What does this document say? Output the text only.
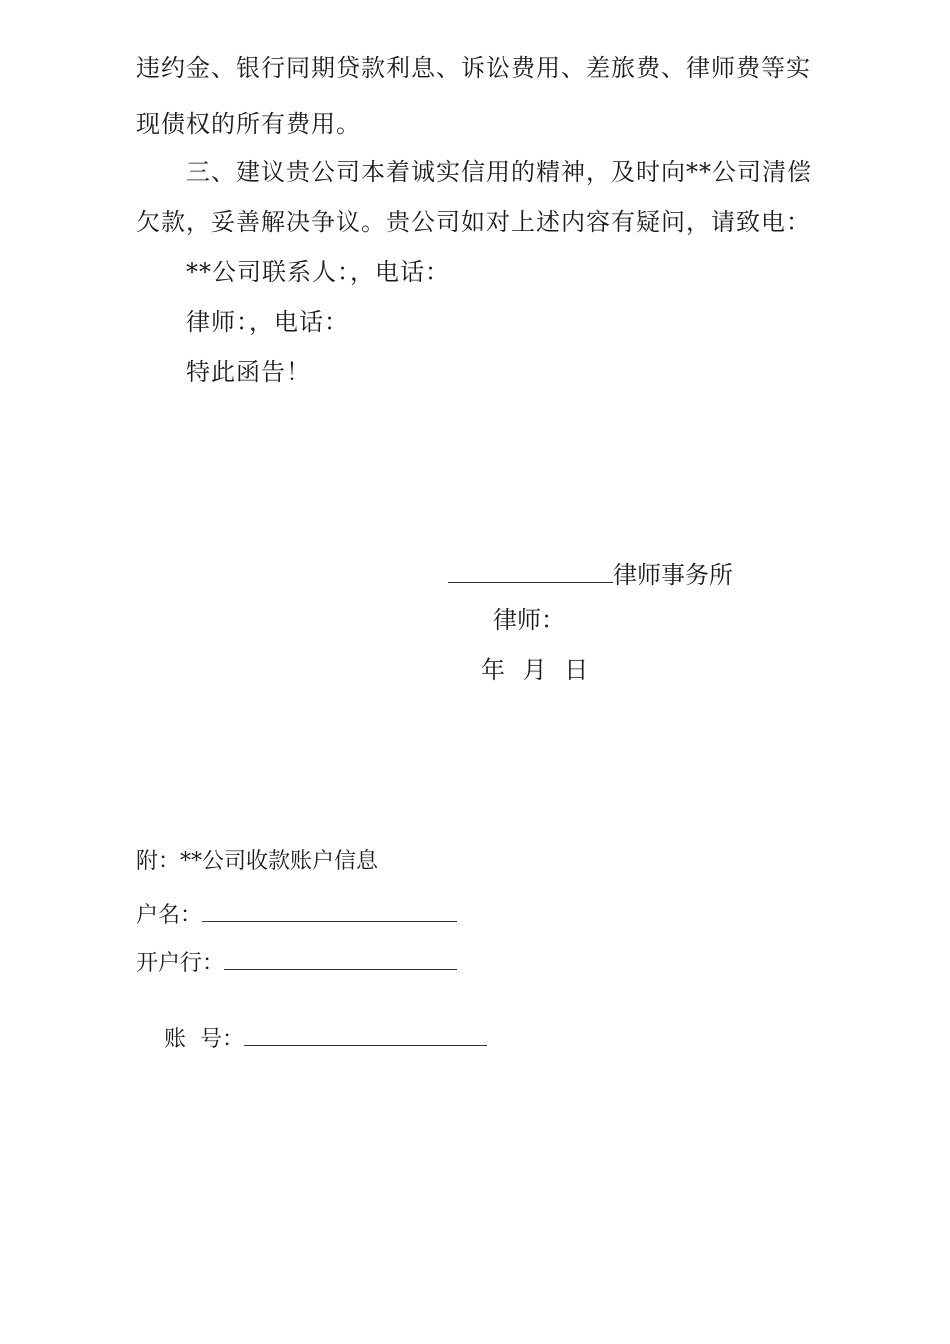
违约金、银行同期贷款利息、诉讼费用、差旅费、律师费等实
现债权的所有费用。
三、建议贵公司本着诚实信用的精神，及时向**公司清偿
欠款，妥善解决争议。贵公司如对上述内容有疑问，请致电：
**公司联系人：，电话：
律师：，电话：
特此函告！
律师事务所
律师：
年 月 日
附：**公司收款账户信息
户名：
开户行：

账  号：
